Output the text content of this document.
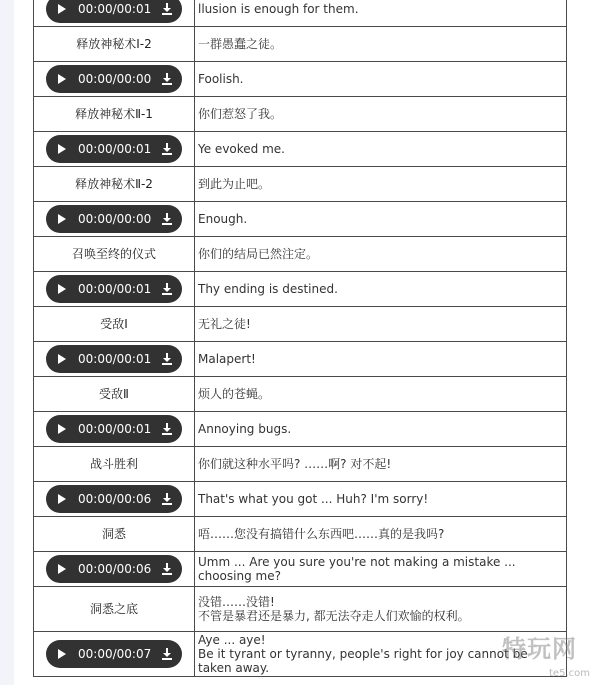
00:00/00:01	llusion is enough for them.

释放神秘术Ⅰ-2	一群愚蠢之徒。

00:00/00:00	Foolish.

释放神秘术Ⅱ-1	你们惹怒了我。

00:00/00:01	Ye evoked me.

释放神秘术Ⅱ-2	到此为止吧。

00:00/00:00	Enough.

召唤至终的仪式	你们的结局已然注定。

00:00/00:01	Thy ending is destined.

受敌Ⅰ	无礼之徒!

00:00/00:01	Malapert!

受敌Ⅱ	烦人的苍蝇。

00:00/00:01	Annoying bugs.

战斗胜利	你们就这种水平吗? ……啊? 对不起!

00:00/00:06	That's what you got ... Huh? I'm sorry!

洞悉	唔……您没有搞错什么东西吧……真的是我吗?

00:00/00:06	Umm ... Are you sure you're not making a mistake ... choosing me?

洞悉之底	没错……没错!
不管是暴君还是暴力, 都无法夺走人们欢愉的权利。

00:00/00:07	Aye ... aye!
Be it tyrant or tyranny, people's right for joy cannot be taken away.
特玩网
te5.com
